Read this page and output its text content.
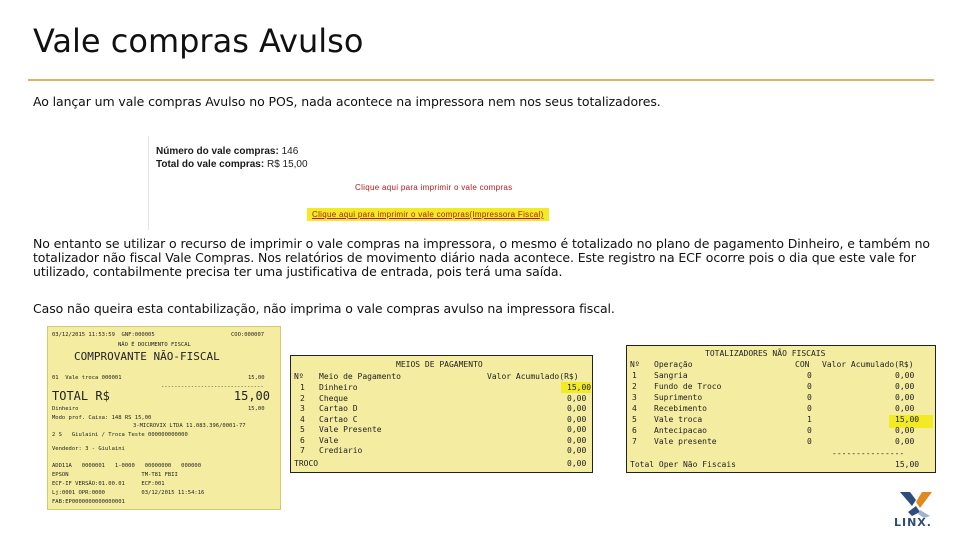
Vale compras Avulso
Ao lançar um vale compras Avulso no POS, nada acontece na impressora nem nos seus totalizadores.
Número do vale compras: 146
Total do vale compras: R$ 15,00
Clique aqui para imprimir o vale compras
Clique aqui para imprimir o vale compras(Impressora Fiscal)
No entanto se utilizar o recurso de imprimir o vale compras na impressora, o mesmo é totalizado no plano de pagamento Dinheiro, e também no totalizador não fiscal Vale Compras. Nos relatórios de movimento diário nada acontece. Este registro na ECF ocorre pois o dia que este vale for utilizado, contabilmente precisa ter uma justificativa de entrada, pois terá uma saída.
Caso não queira esta contabilização, não imprima o vale compras avulso na impressora fiscal.
03/12/2015 11:53:59  GNF:000005	COO:000007
NÃO É DOCUMENTO FISCAL
COMPROVANTE NÃO-FISCAL
01  Vale troca 000001	15,00
-------------------------------
TOTAL R$	15,00
Dinheiro	15,00
Modo prof. Caixa: 148 RS 15,00
3-MICROVIX LTDA 11.083.396/0001-77
2 S   Giulaini / Troca Teste 000000000000
Vendedor: 3 - Giulaini
ADD11A   0000001   1-0000   00000000   000000
EPSON                      TM-T81 FBII
ECF-IF VERSÃO:01.00.01     ECF:001
Lj:0001 OPR:0000           03/12/2015 11:54:16
FAB:EP0000000000000001
MEIOS DE PAGAMENTO
Nº Meio de Pagamento	Valor Acumulado(R$)
1 Dinheiro	15,00
2 Cheque	0,00
3 Cartao D	0,00
4 Cartao C	0,00
5 Vale Presente	0,00
6 Vale	0,00
7 Crediario	0,00
TROCO	0,00
TOTALIZADORES NÃO FISCAIS
Nº Operação	CON Valor Acumulado(R$)
1 Sangria	0	0,00
2 Fundo de Troco	0	0,00
3 Suprimento	0	0,00
4 Recebimento	0	0,00
5 Vale troca	1	15,00
6 Antecipacao	0	0,00
7 Vale presente	0	0,00
---------------
Total Oper Não Fiscais	15,00
LINX.
